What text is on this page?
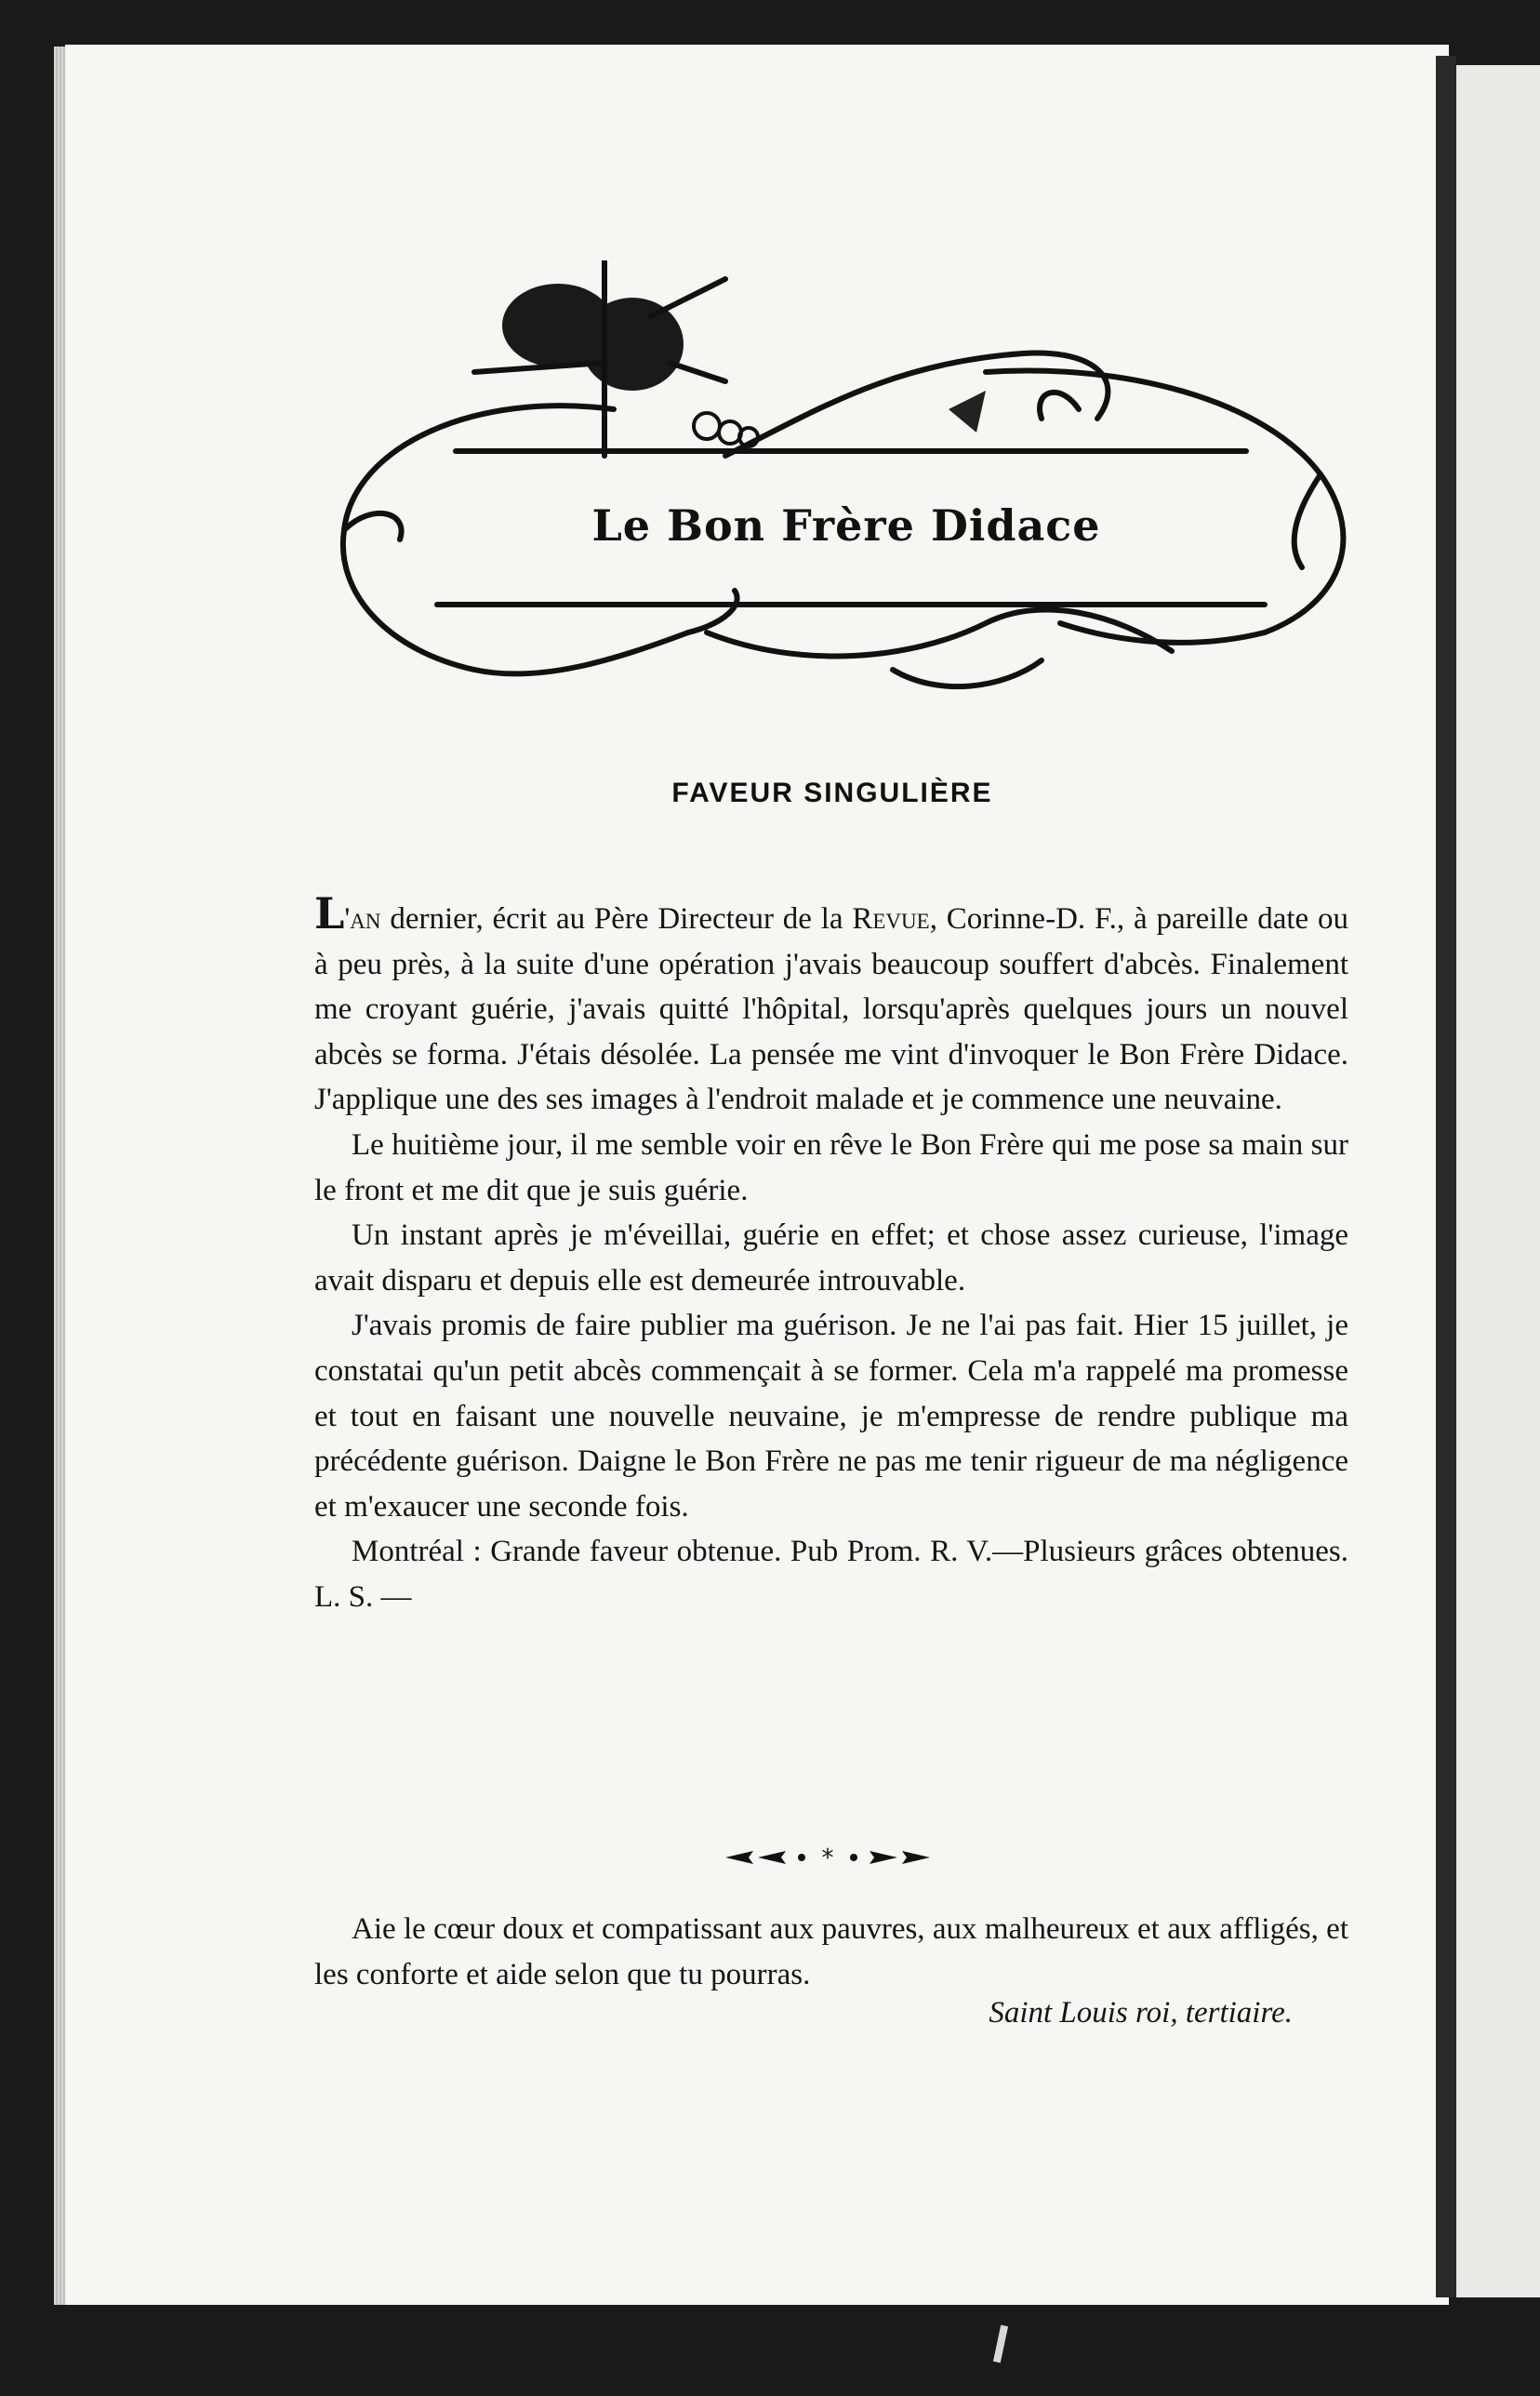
Le Bon Frère Didace
FAVEUR SINGULIÈRE

L'an dernier, écrit au Père Directeur de la Revue, Corinne-D. F., à pareille date ou à peu près, à la suite d'une opération j'avais beaucoup souffert d'abcès. Finalement me croyant guérie, j'avais quitté l'hôpital, lorsqu'après quelques jours un nouvel abcès se forma. J'étais désolée. La pensée me vint d'invoquer le Bon Frère Didace. J'applique une des ses images à l'endroit malade et je commence une neuvaine.

Le huitième jour, il me semble voir en rêve le Bon Frère qui me pose sa main sur le front et me dit que je suis guérie.

Un instant après je m'éveillai, guérie en effet; et chose assez curieuse, l'image avait disparu et depuis elle est demeurée introuvable.

J'avais promis de faire publier ma guérison. Je ne l'ai pas fait. Hier 15 juillet, je constatai qu'un petit abcès commençait à se former. Cela m'a rappelé ma promesse et tout en faisant une nouvelle neuvaine, je m'empresse de rendre publique ma précédente guérison. Daigne le Bon Frère ne pas me tenir rigueur de ma négligence et m'exaucer une seconde fois.

Montréal : Grande faveur obtenue. Pub Prom. R. V.—Plusieurs grâces obtenues. L. S. —

*

Aie le cœur doux et compatissant aux pauvres, aux malheureux et aux affligés, et les conforte et aide selon que tu pourras.

Saint Louis roi, tertiaire.
